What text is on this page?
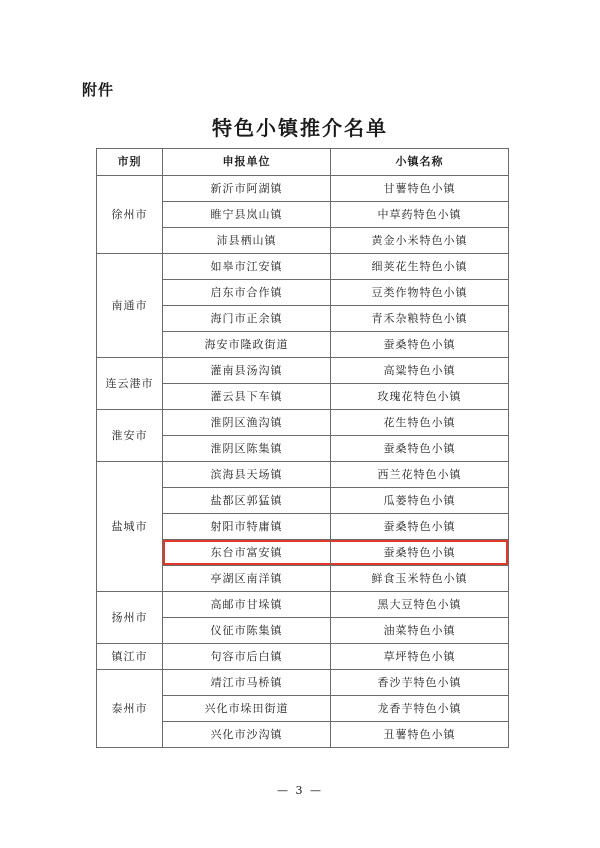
附件
特色小镇推介名单
市别	申报单位	小镇名称
徐州市	新沂市阿湖镇	甘薯特色小镇
	睢宁县岚山镇	中草药特色小镇
	沛县栖山镇	黄金小米特色小镇
南通市	如皋市江安镇	细荚花生特色小镇
	启东市合作镇	豆类作物特色小镇
	海门市正余镇	青禾杂粮特色小镇
	海安市隆政街道	蚕桑特色小镇
连云港市	灌南县汤沟镇	高粱特色小镇
	灌云县下车镇	玫瑰花特色小镇
淮安市	淮阴区渔沟镇	花生特色小镇
	淮阴区陈集镇	蚕桑特色小镇
盐城市	滨海县天场镇	西兰花特色小镇
	盐都区郭猛镇	瓜蒌特色小镇
	射阳市特庸镇	蚕桑特色小镇
	东台市富安镇	蚕桑特色小镇
	亭湖区南洋镇	鲜食玉米特色小镇
扬州市	高邮市甘垛镇	黑大豆特色小镇
	仪征市陈集镇	油菜特色小镇
镇江市	句容市后白镇	草坪特色小镇
泰州市	靖江市马桥镇	香沙芋特色小镇
	兴化市垛田街道	龙香芋特色小镇
	兴化市沙沟镇	丑薯特色小镇
— 3 —
